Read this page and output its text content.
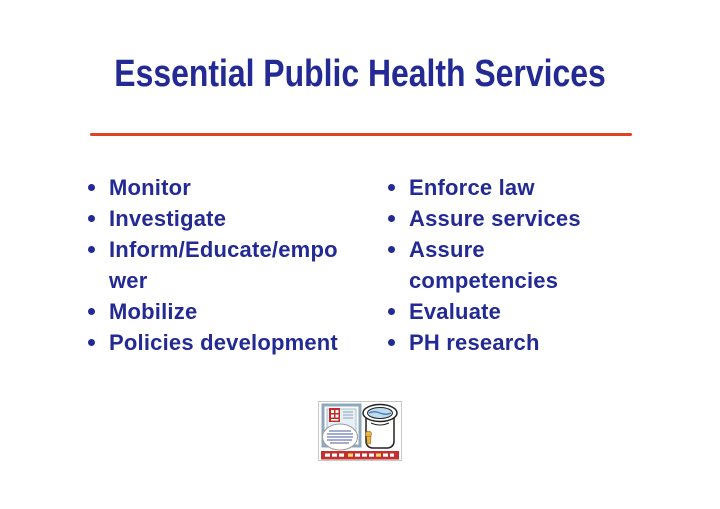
Essential Public Health Services
Monitor
Investigate
Inform/Educate/empo
wer
Mobilize
Policies development
Enforce law
Assure services
Assure
competencies
Evaluate
PH research
